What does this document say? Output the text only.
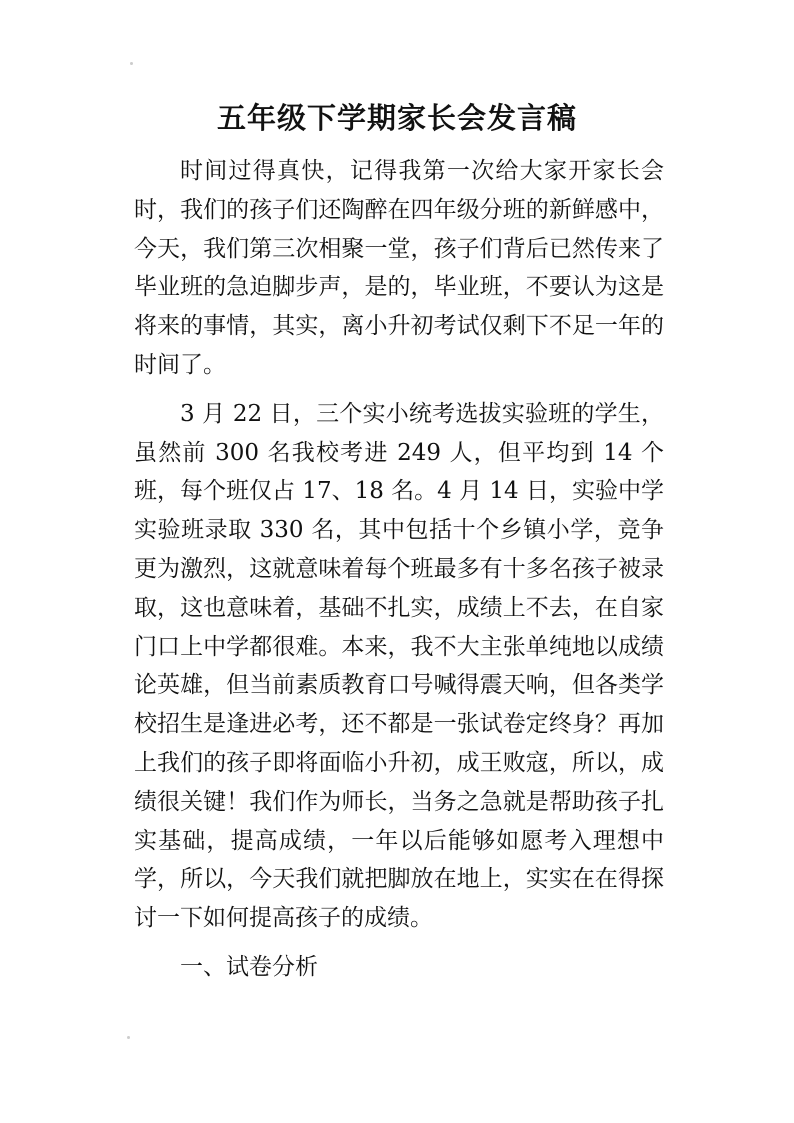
五年级下学期家长会发言稿

时间过得真快，记得我第一次给大家开家长会时，我们的孩子们还陶醉在四年级分班的新鲜感中，今天，我们第三次相聚一堂，孩子们背后已然传来了毕业班的急迫脚步声，是的，毕业班，不要认为这是将来的事情，其实，离小升初考试仅剩下不足一年的时间了。

3 月 22 日，三个实小统考选拔实验班的学生，虽然前 300 名我校考进 249 人，但平均到 14 个班，每个班仅占 17、18 名。4 月 14 日，实验中学实验班录取 330 名，其中包括十个乡镇小学，竞争更为激烈，这就意味着每个班最多有十多名孩子被录取，这也意味着，基础不扎实，成绩上不去，在自家门口上中学都很难。本来，我不大主张单纯地以成绩论英雄，但当前素质教育口号喊得震天响，但各类学校招生是逢进必考，还不都是一张试卷定终身？再加上我们的孩子即将面临小升初，成王败寇，所以，成绩很关键！我们作为师长，当务之急就是帮助孩子扎实基础，提高成绩，一年以后能够如愿考入理想中学，所以，今天我们就把脚放在地上，实实在在得探讨一下如何提高孩子的成绩。

一、试卷分析
